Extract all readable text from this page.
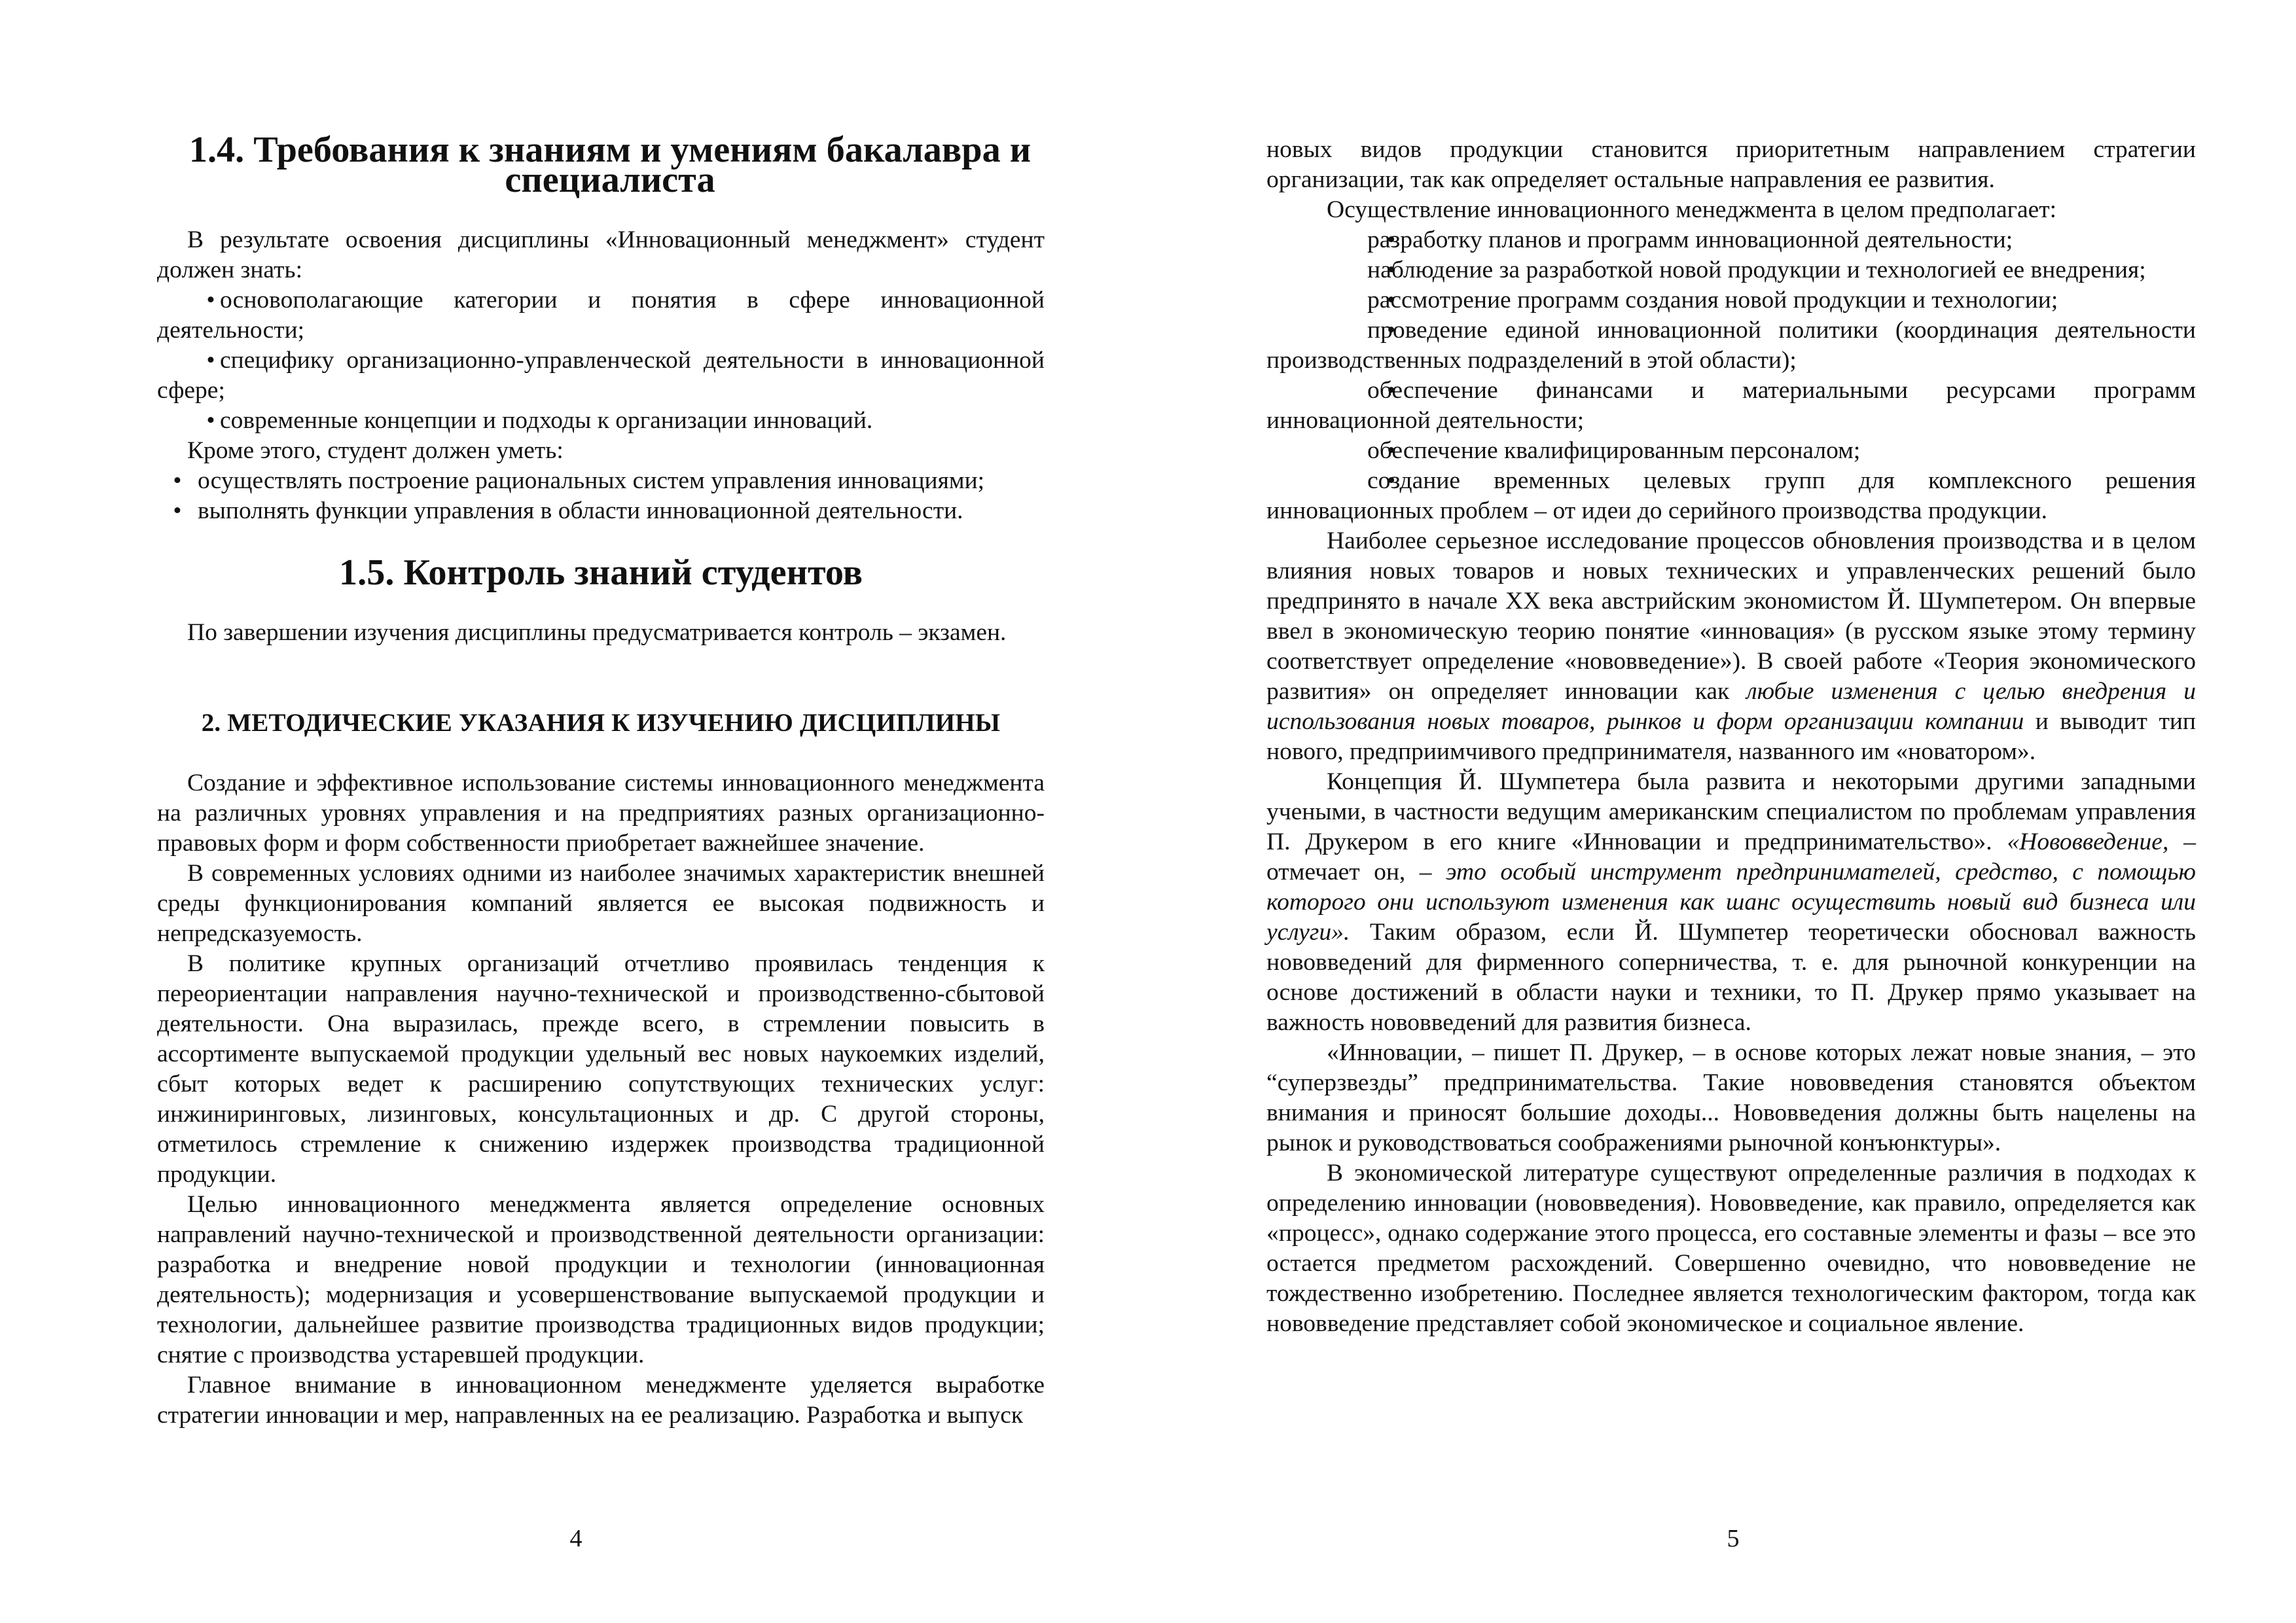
1.4. Требования к знаниям и умениям бакалавра и специалиста

В результате освоения дисциплины «Инновационный менеджмент» студент должен знать:

• основополагающие категории и понятия в сфере инновационной деятельности;
• специфику организационно-управленческой деятельности в инновационной сфере;
• современные концепции и подходы к организации инноваций.

Кроме этого, студент должен уметь:

• осуществлять построение рациональных систем управления инновациями;
• выполнять функции управления в области инновационной деятельности.
1.5. Контроль знаний студентов

По завершении изучения дисциплины предусматривается контроль – экзамен.

2. МЕТОДИЧЕСКИЕ УКАЗАНИЯ К ИЗУЧЕНИЮ ДИСЦИПЛИНЫ

Создание и эффективное использование системы инновационного менеджмента на различных уровнях управления и на предприятиях разных организационно-правовых форм и форм собственности приобретает важнейшее значение.

В современных условиях одними из наиболее значимых характеристик внешней среды функционирования компаний является ее высокая подвижность и непредсказуемость.

В политике крупных организаций отчетливо проявилась тенденция к переориентации направления научно-технической и производственно-сбытовой деятельности. Она выразилась, прежде всего, в стремлении повысить в ассортименте выпускаемой продукции удельный вес новых наукоемких изделий, сбыт которых ведет к расширению сопутствующих технических услуг: инжиниринговых, лизинговых, консультационных и др. С другой стороны, отметилось стремление к снижению издержек производства традиционной продукции.

Целью инновационного менеджмента является определение основных направлений научно-технической и производственной деятельности организации: разработка и внедрение новой продукции и технологии (инновационная деятельность); модернизация и усовершенствование выпускаемой продукции и технологии, дальнейшее развитие производства традиционных видов продукции; снятие с производства устаревшей продукции.

Главное внимание в инновационном менеджменте уделяется выработке стратегии инновации и мер, направленных на ее реализацию. Разработка и выпуск

4

новых видов продукции становится приоритетным направлением стратегии организации, так как определяет остальные направления ее развития.

Осуществление инновационного менеджмента в целом предполагает:

• разработку планов и программ инновационной деятельности;
• наблюдение за разработкой новой продукции и технологией ее внедрения;
• рассмотрение программ создания новой продукции и технологии;
• проведение единой инновационной политики (координация деятельности производственных подразделений в этой области);
• обеспечение финансами и материальными ресурсами программ инновационной деятельности;
• обеспечение квалифицированным персоналом;
• создание временных целевых групп для комплексного решения инновационных проблем – от идеи до серийного производства продукции.

Наиболее серьезное исследование процессов обновления производства и в целом влияния новых товаров и новых технических и управленческих решений было предпринято в начале XX века австрийским экономистом Й. Шумпетером. Он впервые ввел в экономическую теорию понятие «инновация» (в русском языке этому термину соответствует определение «нововведение»). В своей работе «Теория экономического развития» он определяет инновации как любые изменения с целью внедрения и использования новых товаров, рынков и форм организации компании и выводит тип нового, предприимчивого предпринимателя, названного им «новатором».

Концепция Й. Шумпетера была развита и некоторыми другими западными учеными, в частности ведущим американским специалистом по проблемам управления П. Друкером в его книге «Инновации и предпринимательство». «Нововведение, – отмечает он, – это особый инструмент предпринимателей, средство, с помощью которого они используют изменения как шанс осуществить новый вид бизнеса или услуги». Таким образом, если Й. Шумпетер теоретически обосновал важность нововведений для фирменного соперничества, т. е. для рыночной конкуренции на основе достижений в области науки и техники, то П. Друкер прямо указывает на важность нововведений для развития бизнеса.

«Инновации, – пишет П. Друкер, – в основе которых лежат новые знания, – это “суперзвезды” предпринимательства. Такие нововведения становятся объектом внимания и приносят большие доходы... Нововведения должны быть нацелены на рынок и руководствоваться соображениями рыночной конъюнктуры».

В экономической литературе существуют определенные различия в подходах к определению инновации (нововведения). Нововведение, как правило, определяется как «процесс», однако содержание этого процесса, его составные элементы и фазы – все это остается предметом расхождений. Совершенно очевидно, что нововведение не тождественно изобретению. Последнее является технологическим фактором, тогда как нововведение представляет собой экономическое и социальное явление.

5
